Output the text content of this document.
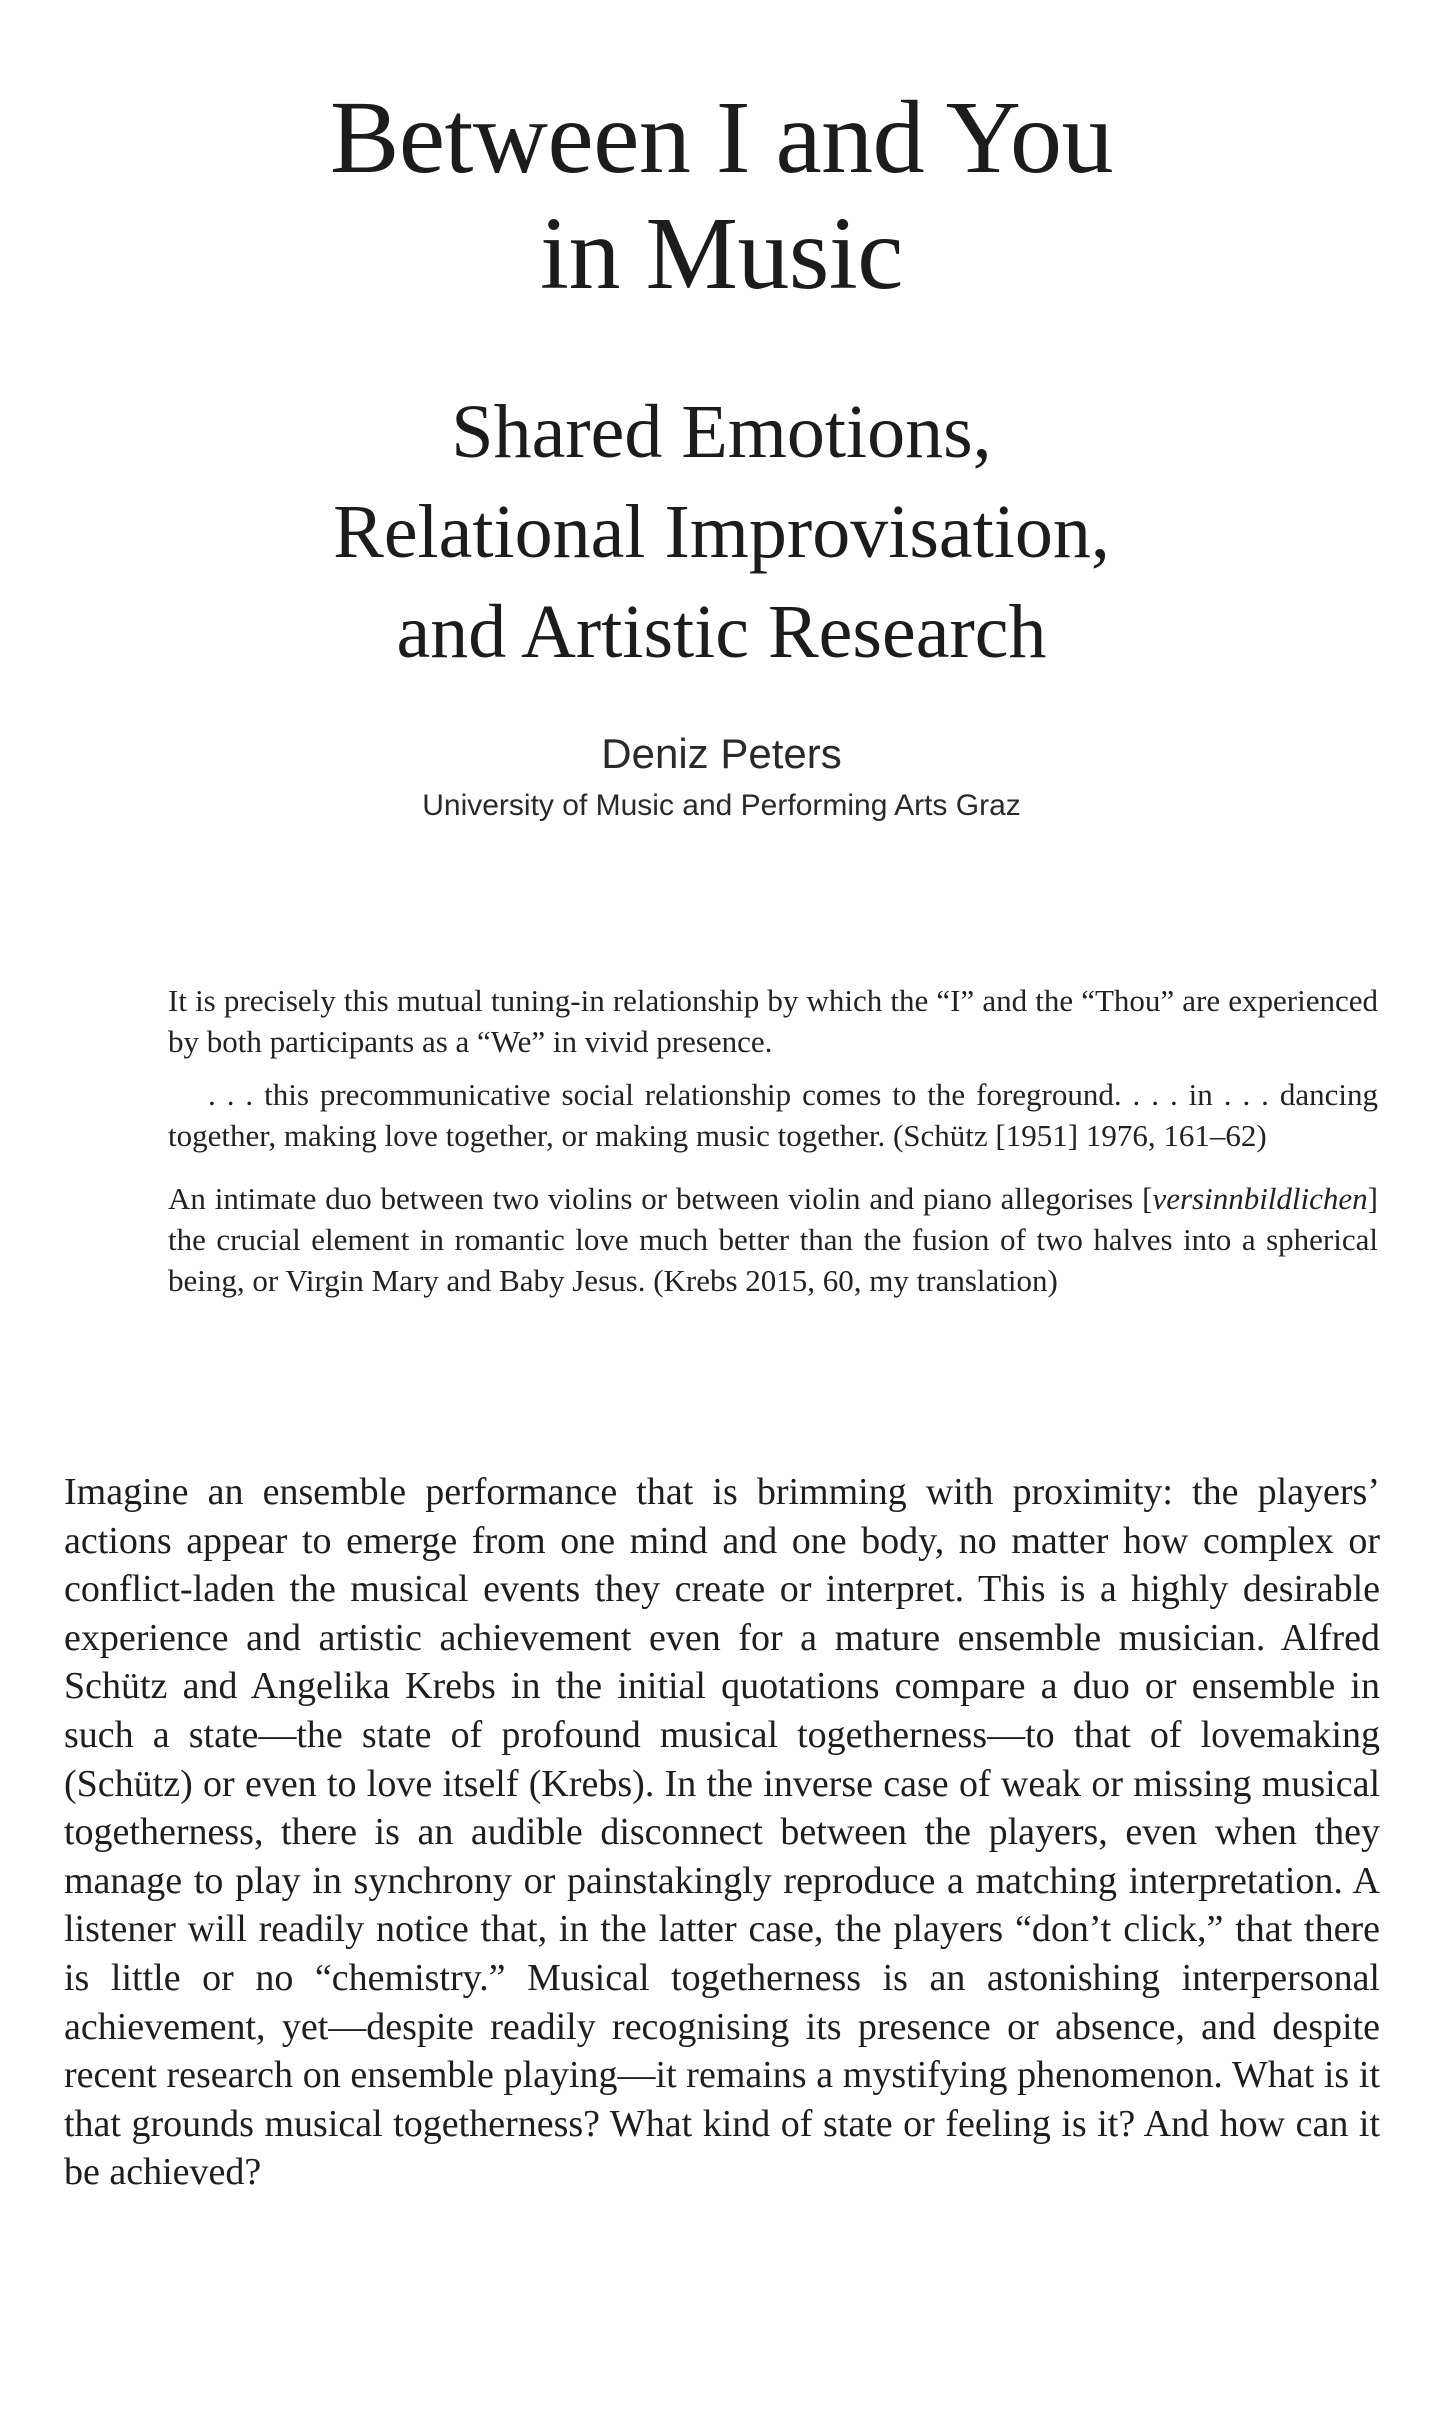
Between I and You
in Music
Shared Emotions,
Relational Improvisation,
and Artistic Research
Deniz Peters
University of Music and Performing Arts Graz

It is precisely this mutual tuning-in relationship by which the “I” and the “Thou” are experienced by both participants as a “We” in vivid presence.

. . . this precommunicative social relationship comes to the foreground. . . . in . . . dancing together, making love together, or making music together. (Schütz [1951] 1976, 161–62)

An intimate duo between two violins or between violin and piano allegorises [versinnbildlichen] the crucial element in romantic love much better than the fusion of two halves into a spherical being, or Virgin Mary and Baby Jesus. (Krebs 2015, 60, my translation)

Imagine an ensemble performance that is brimming with proximity: the players’ actions appear to emerge from one mind and one body, no matter how complex or conflict-laden the musical events they create or interpret. This is a highly desirable experience and artistic achievement even for a mature ensemble musician. Alfred Schütz and Angelika Krebs in the initial quotations compare a duo or ensemble in such a state—the state of profound musical togetherness—to that of lovemaking (Schütz) or even to love itself (Krebs). In the inverse case of weak or missing musical togetherness, there is an audible disconnect between the players, even when they manage to play in synchrony or painstakingly reproduce a matching interpretation. A listener will readily notice that, in the latter case, the players “don’t click,” that there is little or no “chemistry.” Musical togetherness is an astonishing interpersonal achievement, yet—despite readily recognising its presence or absence, and despite recent research on ensemble playing—it remains a mystifying phenomenon. What is it that grounds musical togetherness? What kind of state or feeling is it? And how can it be achieved?
